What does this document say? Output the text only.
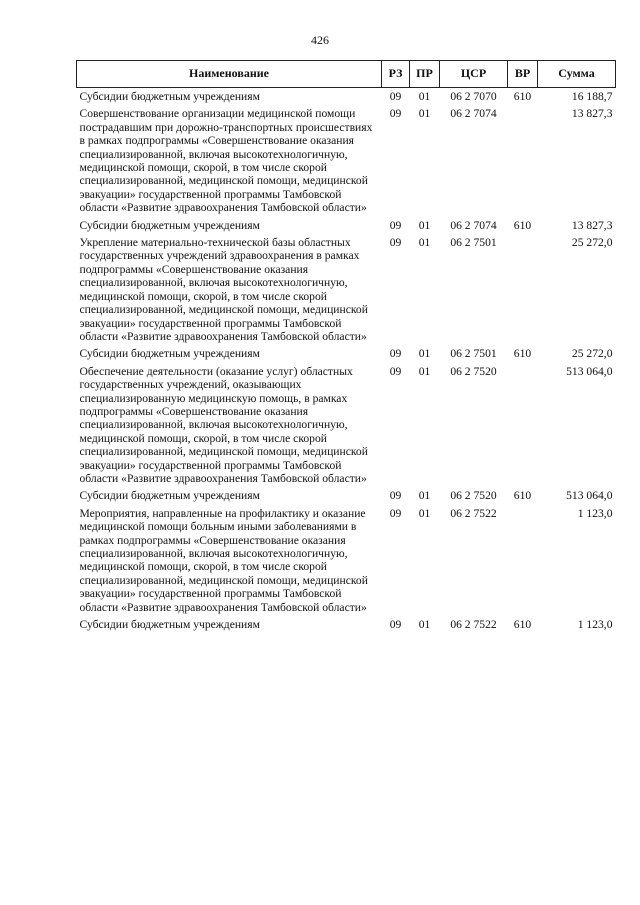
426
Наименование	РЗ	ПР	ЦСР	ВР	Сумма
Субсидии бюджетным учреждениям	09	01	06 2 7070	610	16 188,7
Совершенствование организации медицинской помощи пострадавшим при дорожно-транспортных происшествиях в рамках подпрограммы «Совершенствование оказания специализированной, включая высокотехнологичную, медицинской помощи, скорой, в том числе скорой специализированной, медицинской помощи, медицинской эвакуации» государственной программы Тамбовской области «Развитие здравоохранения Тамбовской области»	09	01	06 2 7074		13 827,3
Субсидии бюджетным учреждениям	09	01	06 2 7074	610	13 827,3
Укрепление материально-технической базы областных государственных учреждений здравоохранения в рамках подпрограммы «Совершенствование оказания специализированной, включая высокотехнологичную, медицинской помощи, скорой, в том числе скорой специализированной, медицинской помощи, медицинской эвакуации» государственной программы Тамбовской области «Развитие здравоохранения Тамбовской области»	09	01	06 2 7501		25 272,0
Субсидии бюджетным учреждениям	09	01	06 2 7501	610	25 272,0
Обеспечение деятельности (оказание услуг) областных государственных учреждений, оказывающих специализированную медицинскую помощь, в рамках подпрограммы «Совершенствование оказания специализированной, включая высокотехнологичную, медицинской помощи, скорой, в том числе скорой специализированной, медицинской помощи, медицинской эвакуации» государственной программы Тамбовской области «Развитие здравоохранения Тамбовской области»	09	01	06 2 7520		513 064,0
Субсидии бюджетным учреждениям	09	01	06 2 7520	610	513 064,0
Мероприятия, направленные на профилактику и оказание медицинской помощи больным иными заболеваниями в рамках подпрограммы «Совершенствование оказания специализированной, включая высокотехнологичную, медицинской помощи, скорой, в том числе скорой специализированной, медицинской помощи, медицинской эвакуации» государственной программы Тамбовской области «Развитие здравоохранения Тамбовской области»	09	01	06 2 7522		1 123,0
Субсидии бюджетным учреждениям	09	01	06 2 7522	610	1 123,0
